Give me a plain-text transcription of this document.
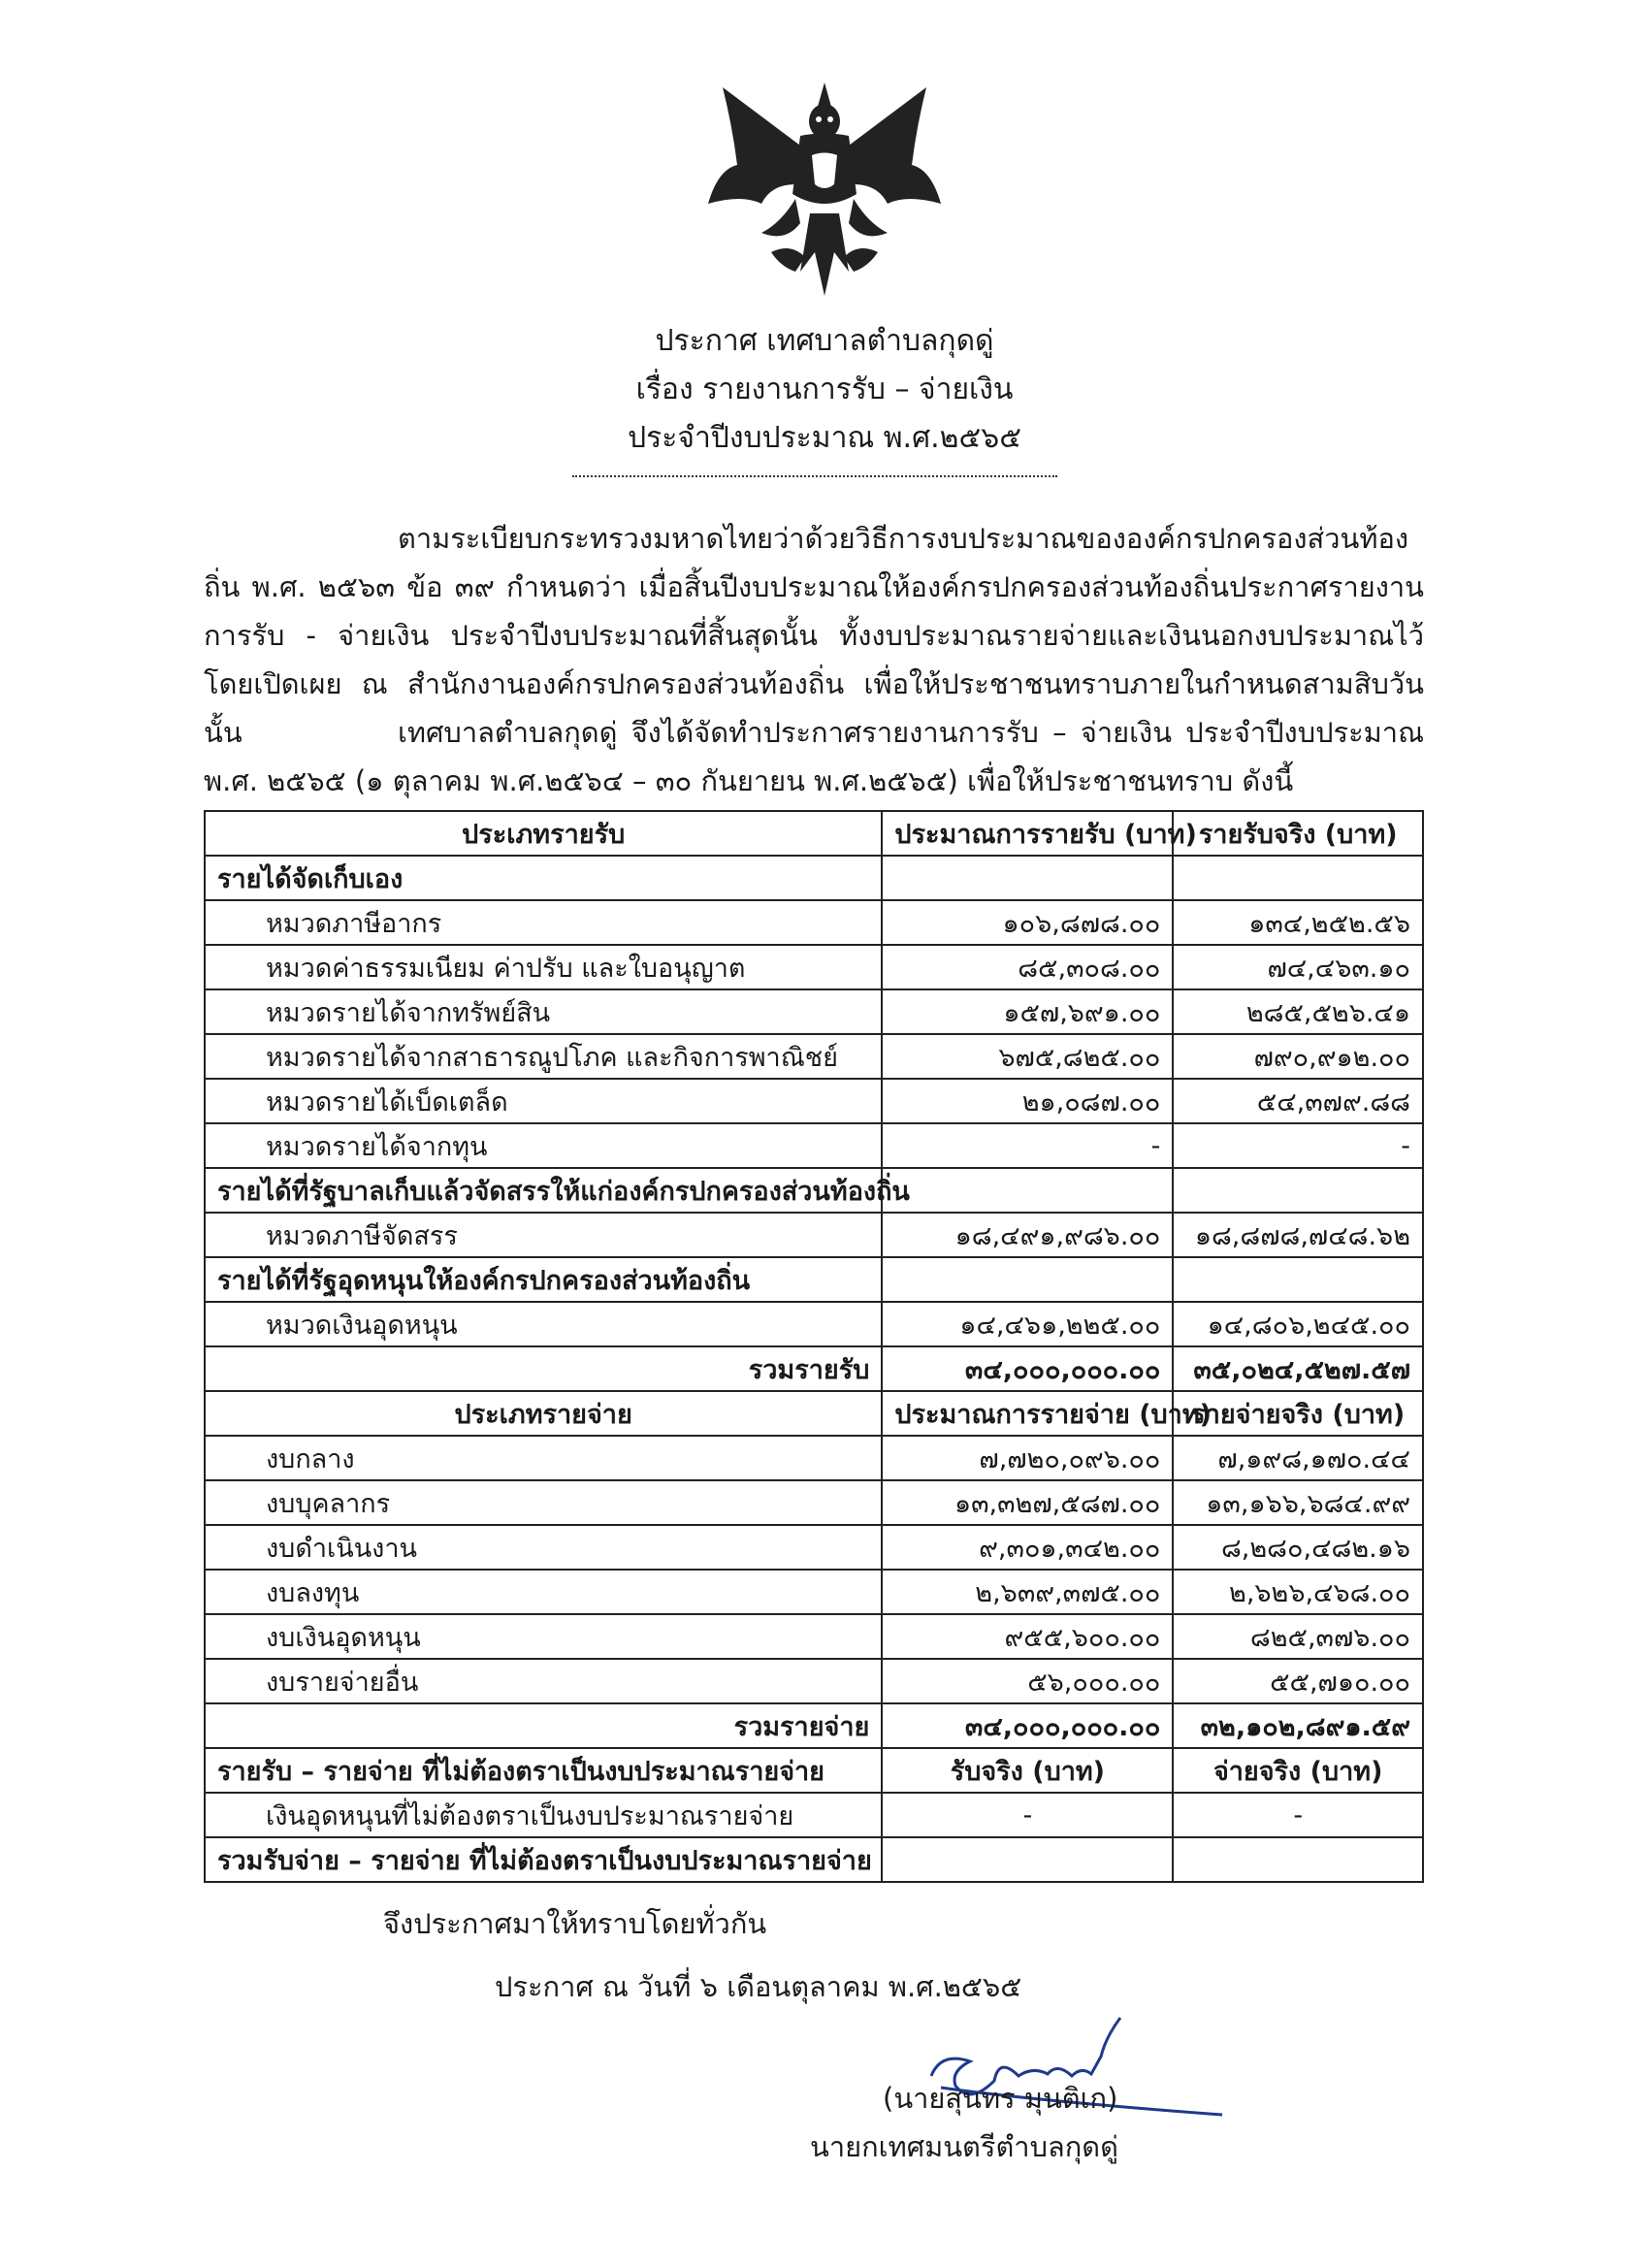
ประกาศ เทศบาลตำบลกุดดู่
เรื่อง รายงานการรับ – จ่ายเงิน
ประจำปีงบประมาณ พ.ศ.๒๕๖๕
ตามระเบียบกระทรวงมหาดไทยว่าด้วยวิธีการงบประมาณขององค์กรปกครองส่วนท้องถิ่น พ.ศ. ๒๕๖๓ ข้อ ๓๙ กำหนดว่า เมื่อสิ้นปีงบประมาณให้องค์กรปกครองส่วนท้องถิ่นประกาศรายงานการรับ - จ่ายเงิน ประจำปีงบประมาณที่สิ้นสุดนั้น ทั้งงบประมาณรายจ่ายและเงินนอกงบประมาณไว้ โดยเปิดเผย ณ สำนักงานองค์กรปกครองส่วนท้องถิ่น เพื่อให้ประชาชนทราบภายในกำหนดสามสิบวัน นั้น	เทศบาลตำบลกุดดู่ จึงได้จัดทำประกาศรายงานการรับ – จ่ายเงิน ประจำปีงบประมาณ พ.ศ. ๒๕๖๕ (๑ ตุลาคม พ.ศ.๒๕๖๔ – ๓๐ กันยายน พ.ศ.๒๕๖๕) เพื่อให้ประชาชนทราบ ดังนี้
ประเภทรายรับ	ประมาณการรายรับ (บาท)	รายรับจริง (บาท)
รายได้จัดเก็บเอง		
หมวดภาษีอากร	๑๐๖,๘๗๘.๐๐	๑๓๔,๒๕๒.๕๖
หมวดค่าธรรมเนียม ค่าปรับ และใบอนุญาต	๘๕,๓๐๘.๐๐	๗๔,๔๖๓.๑๐
หมวดรายได้จากทรัพย์สิน	๑๕๗,๖๙๑.๐๐	๒๘๕,๕๒๖.๔๑
หมวดรายได้จากสาธารณูปโภค และกิจการพาณิชย์	๖๗๕,๘๒๕.๐๐	๗๙๐,๙๑๒.๐๐
หมวดรายได้เบ็ดเตล็ด	๒๑,๐๘๗.๐๐	๕๔,๓๗๙.๘๘
หมวดรายได้จากทุน	-	-
รายได้ที่รัฐบาลเก็บแล้วจัดสรรให้แก่องค์กรปกครองส่วนท้องถิ่น		
หมวดภาษีจัดสรร	๑๘,๔๙๑,๙๘๖.๐๐	๑๘,๘๗๘,๗๔๘.๖๒
รายได้ที่รัฐอุดหนุนให้องค์กรปกครองส่วนท้องถิ่น		
หมวดเงินอุดหนุน	๑๔,๔๖๑,๒๒๕.๐๐	๑๔,๘๐๖,๒๔๕.๐๐
รวมรายรับ	๓๔,๐๐๐,๐๐๐.๐๐	๓๕,๐๒๔,๕๒๗.๕๗
ประเภทรายจ่าย	ประมาณการรายจ่าย (บาท)	รายจ่ายจริง (บาท)
งบกลาง	๗,๗๒๐,๐๙๖.๐๐	๗,๑๙๘,๑๗๐.๔๔
งบบุคลากร	๑๓,๓๒๗,๕๘๗.๐๐	๑๓,๑๖๖,๖๘๔.๙๙
งบดำเนินงาน	๙,๓๐๑,๓๔๒.๐๐	๘,๒๘๐,๔๘๒.๑๖
งบลงทุน	๒,๖๓๙,๓๗๕.๐๐	๒,๖๒๖,๔๖๘.๐๐
งบเงินอุดหนุน	๙๕๕,๖๐๐.๐๐	๘๒๕,๓๗๖.๐๐
งบรายจ่ายอื่น	๕๖,๐๐๐.๐๐	๕๕,๗๑๐.๐๐
รวมรายจ่าย	๓๔,๐๐๐,๐๐๐.๐๐	๓๒,๑๐๒,๘๙๑.๕๙
รายรับ – รายจ่าย ที่ไม่ต้องตราเป็นงบประมาณรายจ่าย	รับจริง (บาท)	จ่ายจริง (บาท)
เงินอุดหนุนที่ไม่ต้องตราเป็นงบประมาณรายจ่าย	-	-
รวมรับจ่าย – รายจ่าย ที่ไม่ต้องตราเป็นงบประมาณรายจ่าย		
จึงประกาศมาให้ทราบโดยทั่วกัน
ประกาศ ณ วันที่ ๖ เดือนตุลาคม พ.ศ.๒๕๖๕
(นายสุนทร มุนติเก)
นายกเทศมนตรีตำบลกุดดู่
